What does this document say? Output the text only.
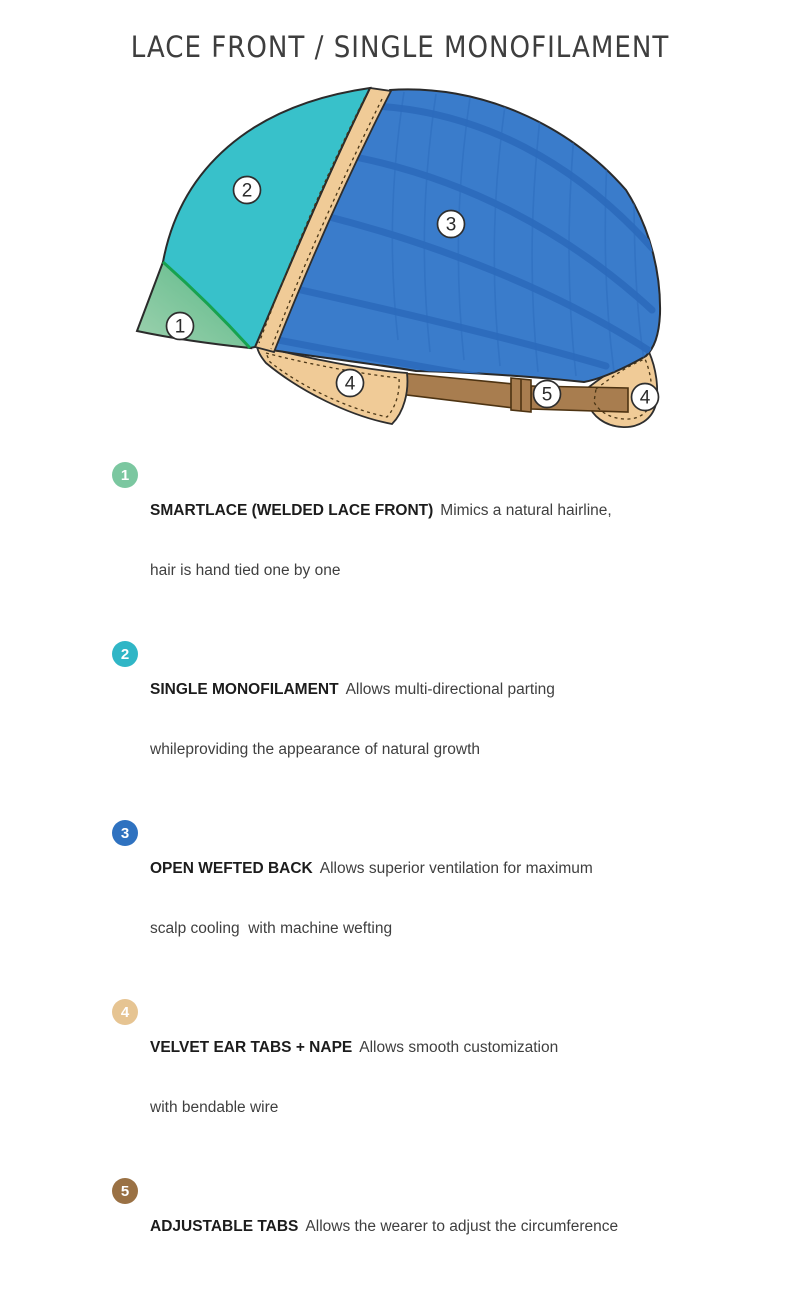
LACE FRONT / SINGLE MONOFILAMENT
1
2
3
4
5	4
1

SMARTLACE (WELDED LACE FRONT) Mimics a natural hairline,

hair is hand tied one by one

2

SINGLE MONOFILAMENT Allows multi-directional parting

whileproviding the appearance of natural growth

3

OPEN WEFTED BACK Allows superior ventilation for maximum

scalp cooling  with machine wefting

4

VELVET EAR TABS + NAPE Allows smooth customization

with bendable wire

5

ADJUSTABLE TABS Allows the wearer to adjust the circumference
